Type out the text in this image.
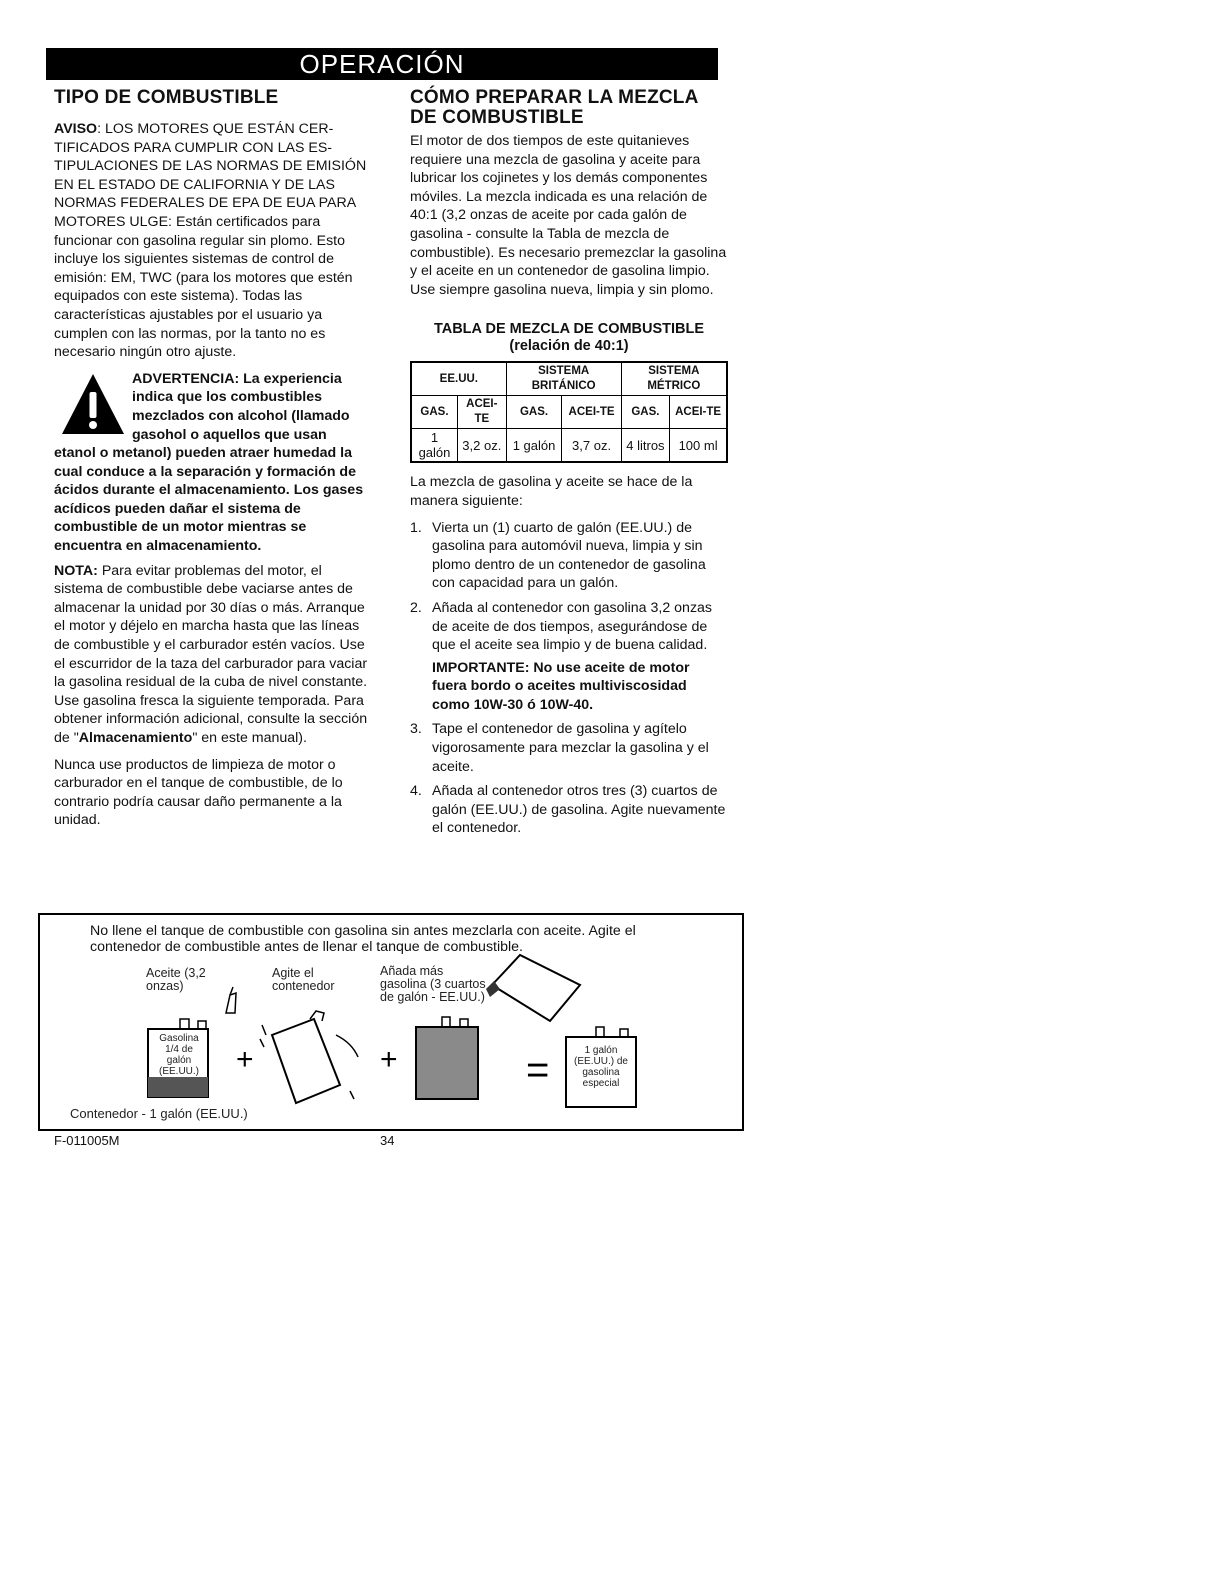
OPERACIÓN
TIPO DE COMBUSTIBLE

AVISO: LOS MOTORES QUE ESTÁN CER-TIFICADOS PARA CUMPLIR CON LAS ES-TIPULACIONES DE LAS NORMAS DE EMISIÓN EN EL ESTADO DE CALIFORNIA Y DE LAS NORMAS FEDERALES DE EPA DE EUA PARA MOTORES ULGE: Están certificados para funcionar con gasolina regular sin plomo. Esto incluye los siguientes sistemas de control de emisión: EM, TWC (para los motores que estén equipados con este sistema). Todas las características ajustables por el usuario ya cumplen con las normas, por la tanto no es necesario ningún otro ajuste.

ADVERTENCIA: La experiencia indica que los combustibles mezclados con alcohol (llamado gasohol o aquellos que usan etanol o metanol) pueden atraer humedad la cual conduce a la separación y formación de ácidos durante el almacenamiento. Los gases acídicos pueden dañar el sistema de combustible de un motor mientras se encuentra en almacenamiento.

NOTA: Para evitar problemas del motor, el sistema de combustible debe vaciarse antes de almacenar la unidad por 30 días o más. Arranque el motor y déjelo en marcha hasta que las líneas de combustible y el carburador estén vacíos. Use el escurridor de la taza del carburador para vaciar la gasolina residual de la cuba de nivel constante. Use gasolina fresca la siguiente temporada. Para obtener información adicional, consulte la sección de "Almacenamiento" en este manual).

Nunca use productos de limpieza de motor o carburador en el tanque de combustible, de lo contrario podría causar daño permanente a la unidad.

CÓMO PREPARAR LA MEZCLA
DE COMBUSTIBLE

El motor de dos tiempos de este quitanieves requiere una mezcla de gasolina y aceite para lubricar los cojinetes y los demás componentes móviles. La mezcla indicada es una relación de 40:1 (3,2 onzas de aceite por cada galón de gasolina - consulte la Tabla de mezcla de combustible). Es necesario premezclar la gasolina y el aceite en un contenedor de gasolina limpio. Use siempre gasolina nueva, limpia y sin plomo.

TABLA DE MEZCLA DE COMBUSTIBLE
(relación de 40:1)
EE.UU.		SISTEMA BRITÁNICO		SISTEMA MÉTRICO	
GAS.	ACEI-TE	GAS.	ACEI-TE	GAS.	ACEI-TE
1 galón	3,2 oz.	1 galón	3,7 oz.	4 litros	100 ml

La mezcla de gasolina y aceite se hace de la manera siguiente:

1. Vierta un (1) cuarto de galón (EE.UU.) de gasolina para automóvil nueva, limpia y sin plomo dentro de un contenedor de gasolina con capacidad para un galón.
2. Añada al contenedor con gasolina 3,2 onzas de aceite de dos tiempos, asegurándose de que el aceite sea limpio y de buena calidad.
IMPORTANTE: No use aceite de motor fuera bordo o aceites multiviscosidad como 10W-30 ó 10W-40.
3. Tape el contenedor de gasolina y agítelo vigorosamente para mezclar la gasolina y el aceite.
4. Añada al contenedor otros tres (3) cuartos de galón (EE.UU.) de gasolina. Agite nuevamente el contenedor.
No llene el tanque de combustible con gasolina sin antes mezclarla con aceite. Agite el contenedor de combustible antes de llenar el tanque de combustible.
Aceite (3,2 onzas)
Agite el contenedor
Añada más gasolina (3 cuartos de galón - EE.UU.)
+	+	=
Gasolina 1/4 de galón (EE.UU.)
1 galón (EE.UU.) de gasolina especial
Contenedor - 1 galón (EE.UU.)
F-011005M	34
